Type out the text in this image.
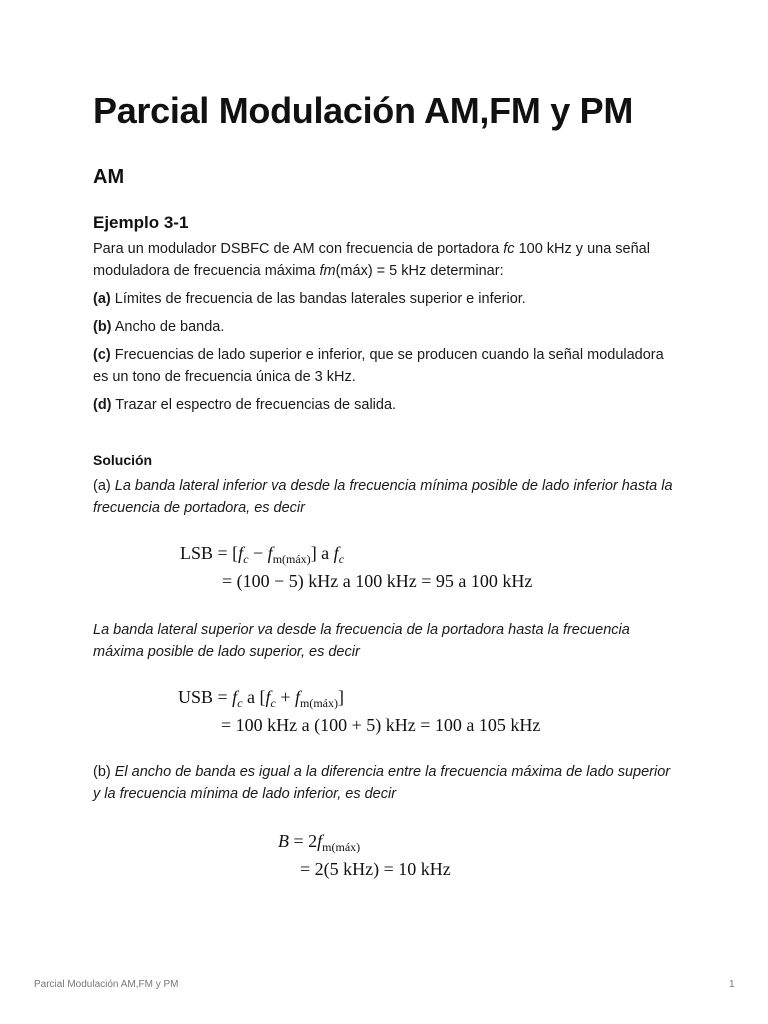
Parcial Modulación AM,FM y PM
AM
Ejemplo 3-1

Para un modulador DSBFC de AM con frecuencia de portadora fc 100 kHz y una señal moduladora de frecuencia máxima fm(máx) = 5 kHz determinar:

(a) Límites de frecuencia de las bandas laterales superior e inferior.

(b) Ancho de banda.

(c) Frecuencias de lado superior e inferior, que se producen cuando la señal moduladora es un tono de frecuencia única de 3 kHz.

(d) Trazar el espectro de frecuencias de salida.

Solución

(a) La banda lateral inferior va desde la frecuencia mínima posible de lado inferior hasta la frecuencia de portadora, es decir

LSB = $[f_c - f_{m(máx)}]$ a $f_c$
= (100 − 5) kHz a 100 kHz = 95 a 100 kHz

La banda lateral superior va desde la frecuencia de la portadora hasta la frecuencia máxima posible de lado superior, es decir

USB = $f_c$ a $[f_c + f_{m(máx)}]$
= 100 kHz a (100 + 5) kHz = 100 a 105 kHz

(b) El ancho de banda es igual a la diferencia entre la frecuencia máxima de lado superior y la frecuencia mínima de lado inferior, es decir

$B = 2f_{m(máx)}$
= 2(5 kHz) = 10 kHz
Parcial Modulación AM,FM y PM	1
